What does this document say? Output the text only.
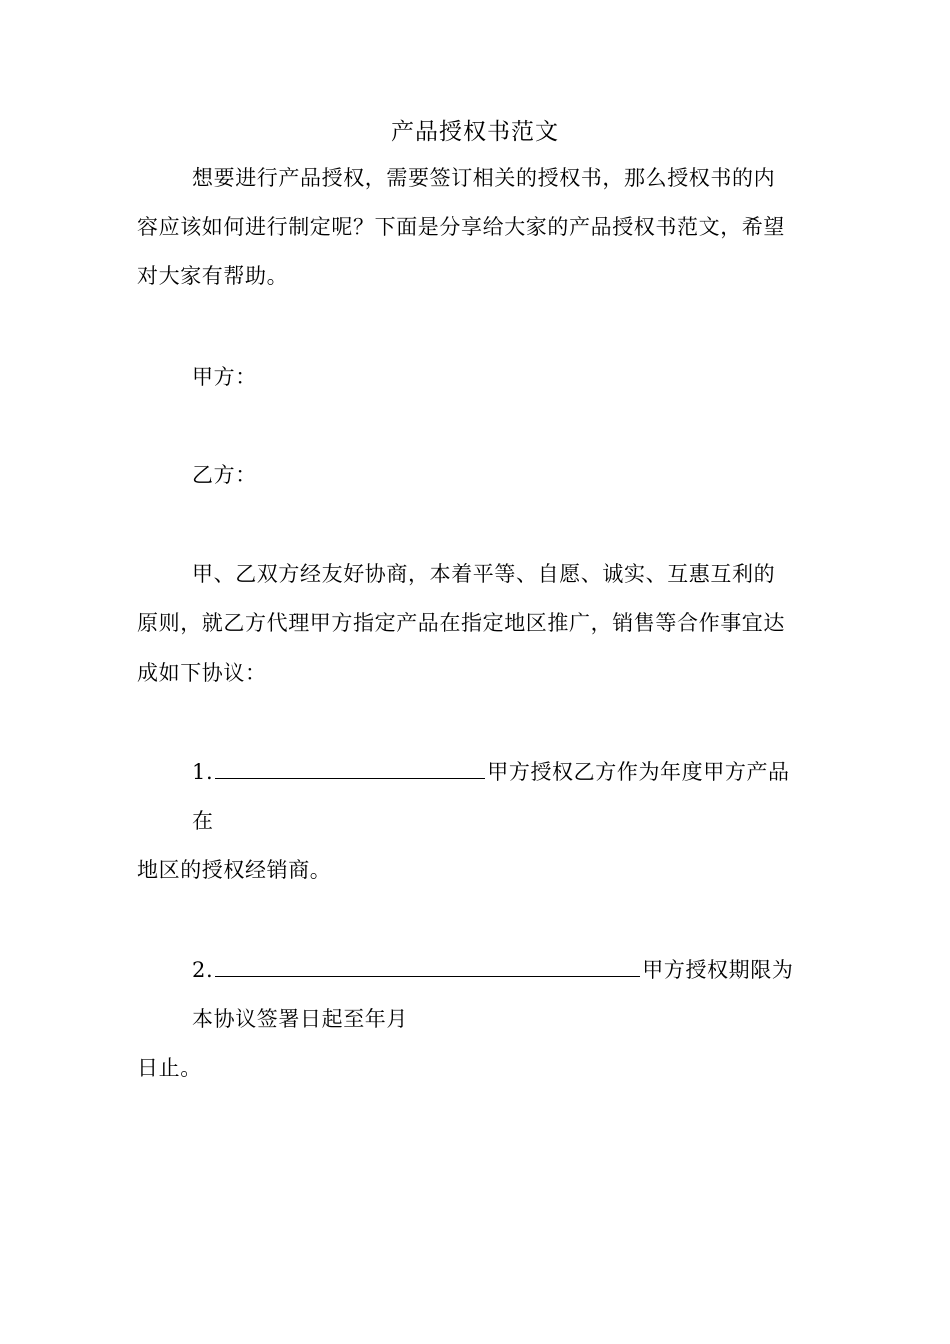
产品授权书范文
想要进行产品授权，需要签订相关的授权书，那么授权书的内
容应该如何进行制定呢？下面是分享给大家的产品授权书范文，希望
对大家有帮助。
甲方：
乙方：
甲、乙双方经友好协商，本着平等、自愿、诚实、互惠互利的
原则，就乙方代理甲方指定产品在指定地区推广，销售等合作事宜达
成如下协议：
1.	甲方授权乙方作为年度甲方产品
在
地区的授权经销商。
2.	甲方授权期限为
本协议签署日起至年月
日止。
